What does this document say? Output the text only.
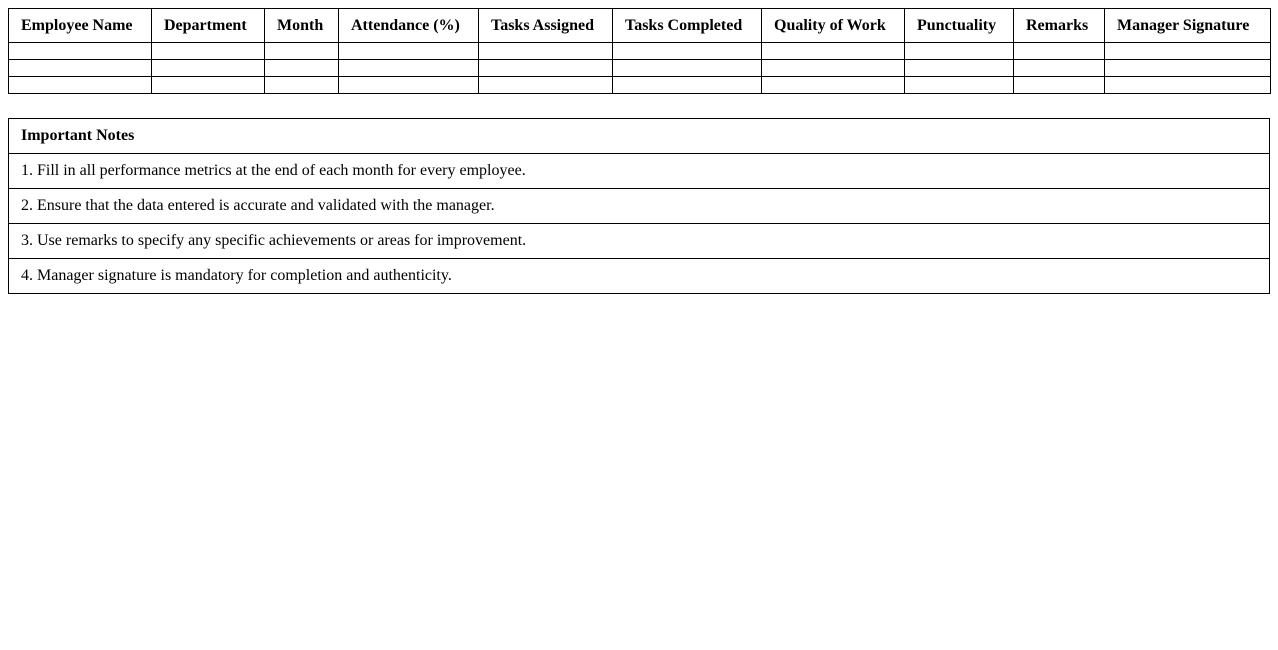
Employee Name	Department	Month	Attendance (%)	Tasks Assigned	Tasks Completed	Quality of Work	Punctuality	Remarks	Manager Signature

Important Notes
1. Fill in all performance metrics at the end of each month for every employee.
2. Ensure that the data entered is accurate and validated with the manager.
3. Use remarks to specify any specific achievements or areas for improvement.
4. Manager signature is mandatory for completion and authenticity.
